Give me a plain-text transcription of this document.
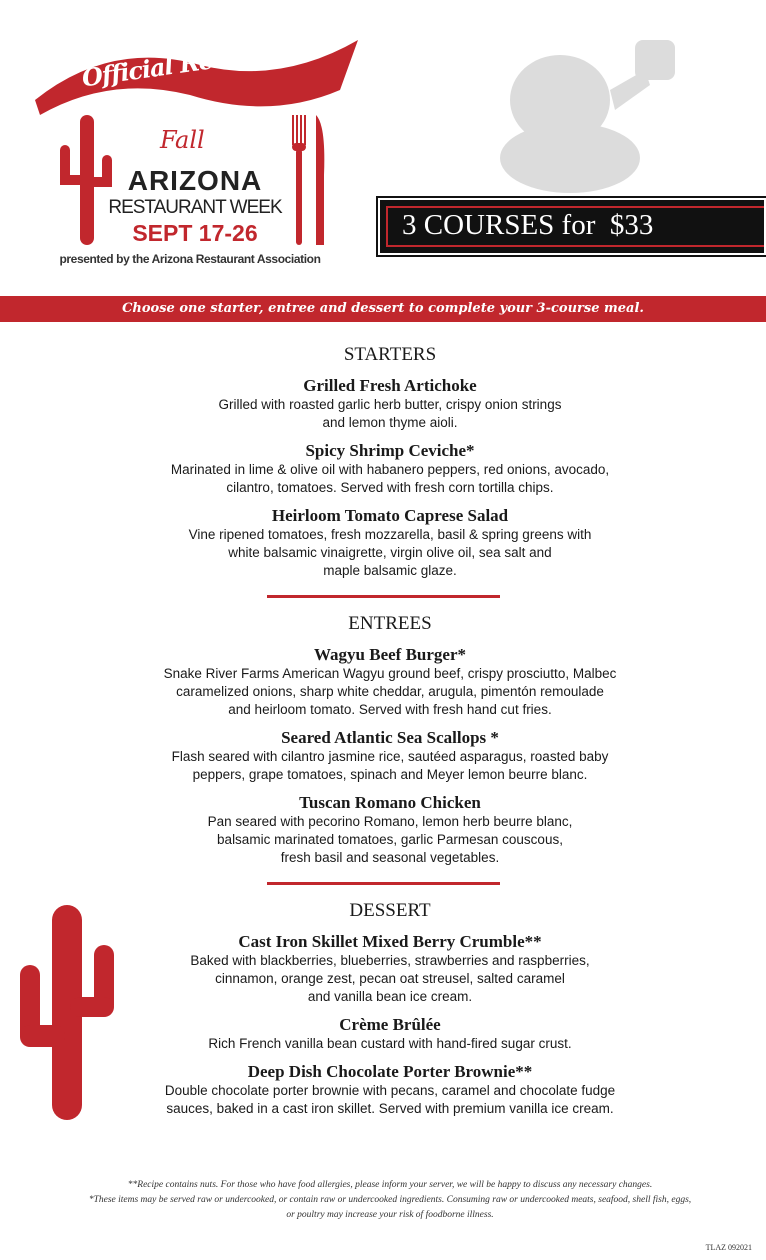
Official Restaurant
Fall
ARIZONA
RESTAURANT WEEK
SEPT 17-26
presented by the Arizona Restaurant Association
3 COURSES for  $33
Choose one starter, entree and dessert to complete your 3-course meal.
STARTERS
Grilled Fresh Artichoke
Grilled with roasted garlic herb butter, crispy onion strings
and lemon thyme aioli.
Spicy Shrimp Ceviche*
Marinated in lime & olive oil with habanero peppers, red onions, avocado,
cilantro, tomatoes. Served with fresh corn tortilla chips.
Heirloom Tomato Caprese Salad
Vine ripened tomatoes, fresh mozzarella, basil & spring greens with
white balsamic vinaigrette, virgin olive oil, sea salt and
maple balsamic glaze.
ENTREES
Wagyu Beef Burger*
Snake River Farms American Wagyu ground beef, crispy prosciutto, Malbec
caramelized onions, sharp white cheddar, arugula, pimentón remoulade
and heirloom tomato. Served with fresh hand cut fries.
Seared Atlantic Sea Scallops *
Flash seared with cilantro jasmine rice, sautéed asparagus, roasted baby
peppers, grape tomatoes, spinach and Meyer lemon beurre blanc.
Tuscan Romano Chicken
Pan seared with pecorino Romano, lemon herb beurre blanc,
balsamic marinated tomatoes, garlic Parmesan couscous,
fresh basil and seasonal vegetables.
DESSERT
Cast Iron Skillet Mixed Berry Crumble**
Baked with blackberries, blueberries, strawberries and raspberries,
cinnamon, orange zest, pecan oat streusel, salted caramel
and vanilla bean ice cream.
Crème Brûlée
Rich French vanilla bean custard with hand-fired sugar crust.
Deep Dish Chocolate Porter Brownie**
Double chocolate porter brownie with pecans, caramel and chocolate fudge
sauces, baked in a cast iron skillet. Served with premium vanilla ice cream.
**Recipe contains nuts. For those who have food allergies, please inform your server, we will be happy to discuss any necessary changes.
*These items may be served raw or undercooked, or contain raw or undercooked ingredients. Consuming raw or undercooked meats, seafood, shell fish, eggs,
or poultry may increase your risk of foodborne illness.
TLAZ 092021
